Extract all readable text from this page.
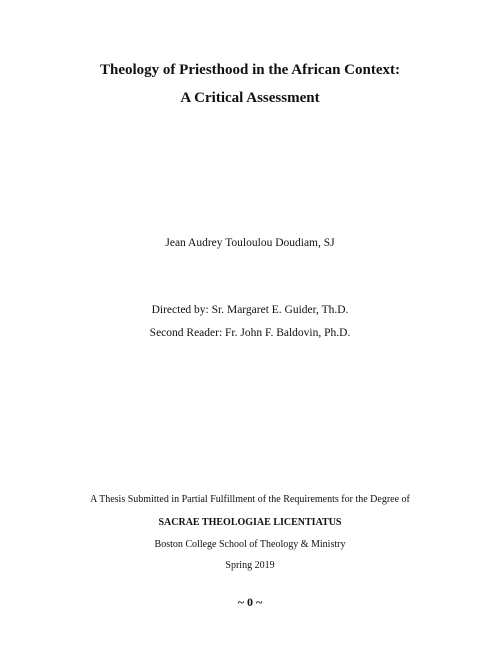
Theology of Priesthood in the African Context:
A Critical Assessment
Jean Audrey Touloulou Doudiam, SJ
Directed by: Sr. Margaret E. Guider, Th.D.
Second Reader: Fr. John F. Baldovin, Ph.D.
A Thesis Submitted in Partial Fulfillment of the Requirements for the Degree of
SACRAE THEOLOGIAE LICENTIATUS
Boston College School of Theology & Ministry
Spring 2019
~ 0 ~
